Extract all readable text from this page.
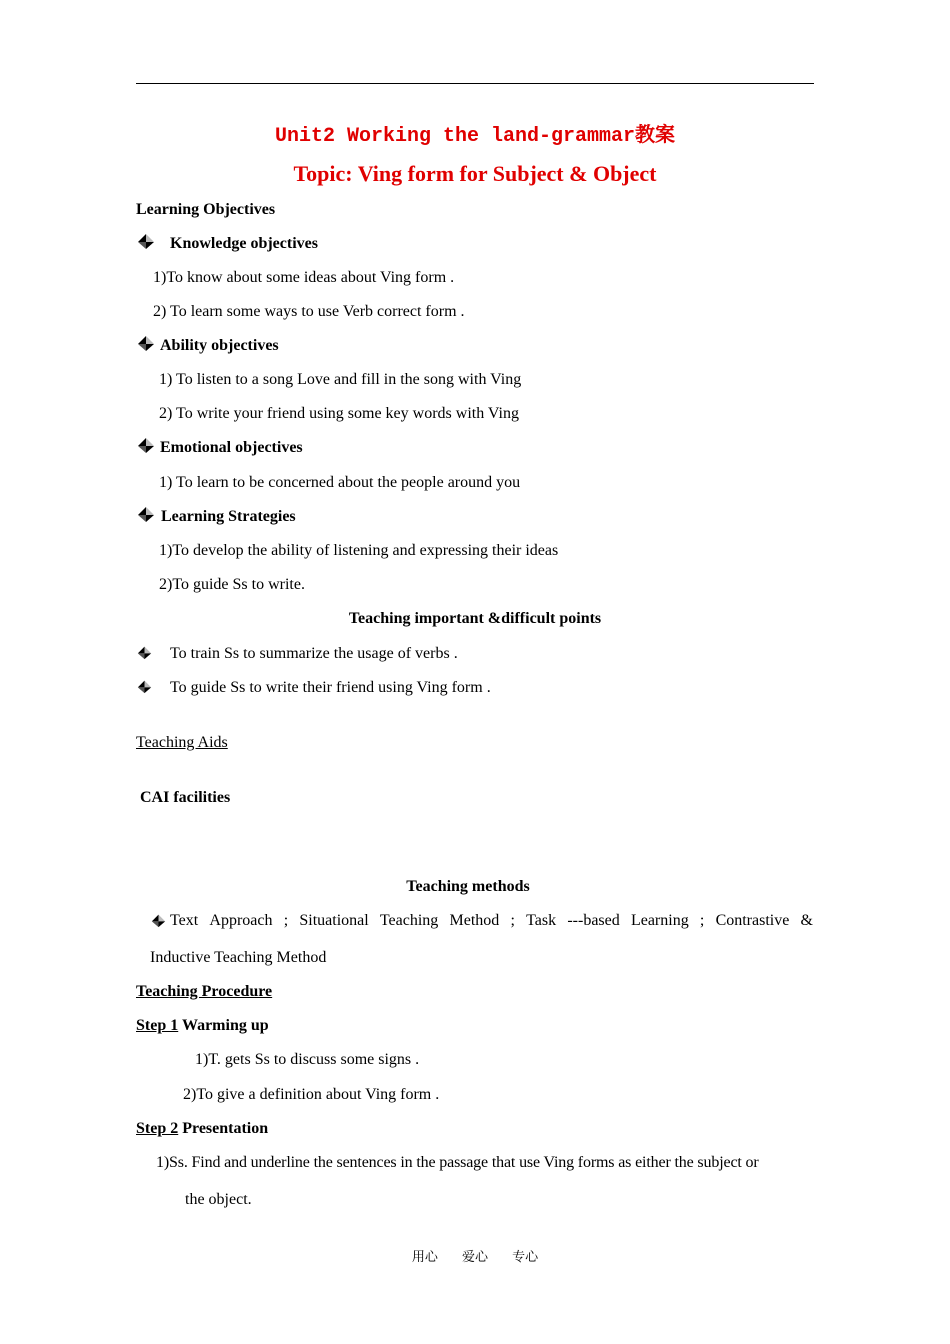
Unit2 Working the land-grammar教案
Topic: Ving form for Subject & Object
Learning Objectives
Knowledge objectives
1)To know about some ideas about Ving form .
2) To learn some ways to use Verb correct form .
Ability objectives
1) To listen to a song Love and fill in the song with Ving
2) To write your friend using some key words with Ving
Emotional objectives
1) To learn to be concerned about the people around you
Learning Strategies
1)To develop the ability of listening and expressing their ideas
2)To guide Ss to write.
Teaching important &difficult points
To train Ss to summarize the usage of verbs .
To guide Ss to write their friend using Ving form .
Teaching Aids
CAI facilities
Teaching methods
Text Approach ; Situational Teaching Method ; Task ---based Learning ; Contrastive &
Inductive Teaching Method
Teaching Procedure
Step 1 Warming up
1)T. gets Ss to discuss some signs .
2)To give a definition about Ving form .
Step 2 Presentation
1)Ss. Find and underline the sentences in the passage that use Ving forms as either the subject or
the object.
用心 爱心 专心
